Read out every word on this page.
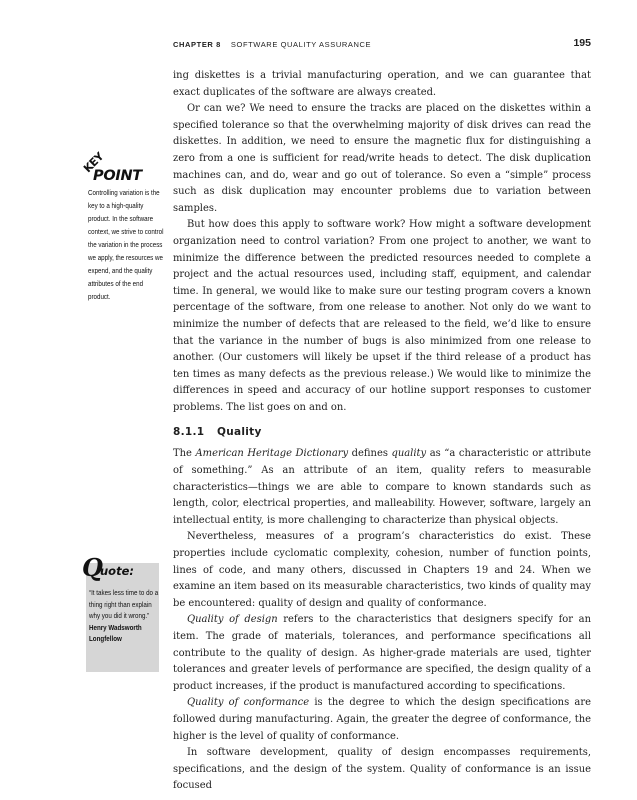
CHAPTER 8 SOFTWARE QUALITY ASSURANCE	195
KEY
POINT
Controlling variation is the key to a high-quality product. In the software context, we strive to control the variation in the process we apply, the resources we expend, and the quality attributes of the end product.
Q
uote:
“It takes less time to do a thing right than explain why you did it wrong.”
Henry Wadsworth Longfellow

ing diskettes is a trivial manufacturing operation, and we can guarantee that exact duplicates of the software are always created.

Or can we? We need to ensure the tracks are placed on the diskettes within a specified tolerance so that the overwhelming majority of disk drives can read the diskettes. In addition, we need to ensure the magnetic flux for distinguishing a zero from a one is sufficient for read/write heads to detect. The disk duplication machines can, and do, wear and go out of tolerance. So even a “simple” process such as disk duplication may encounter problems due to variation between samples.

But how does this apply to software work? How might a software development organization need to control variation? From one project to another, we want to minimize the difference between the predicted resources needed to complete a project and the actual resources used, including staff, equipment, and calendar time. In general, we would like to make sure our testing program covers a known percentage of the software, from one release to another. Not only do we want to minimize the number of defects that are released to the field, we’d like to ensure that the variance in the number of bugs is also minimized from one release to another. (Our customers will likely be upset if the third release of a product has ten times as many defects as the previous release.) We would like to minimize the differences in speed and accuracy of our hotline support responses to customer problems. The list goes on and on.

8.1.1 Quality

The American Heritage Dictionary defines quality as “a characteristic or attribute of something.” As an attribute of an item, quality refers to measurable characteristics—things we are able to compare to known standards such as length, color, electrical properties, and malleability. However, software, largely an intellectual entity, is more challenging to characterize than physical objects.

Nevertheless, measures of a program’s characteristics do exist. These properties include cyclomatic complexity, cohesion, number of function points, lines of code, and many others, discussed in Chapters 19 and 24. When we examine an item based on its measurable characteristics, two kinds of quality may be encountered: quality of design and quality of conformance.

Quality of design refers to the characteristics that designers specify for an item. The grade of materials, tolerances, and performance specifications all contribute to the quality of design. As higher-grade materials are used, tighter tolerances and greater levels of performance are specified, the design quality of a product increases, if the product is manufactured according to specifications.

Quality of conformance is the degree to which the design specifications are followed during manufacturing. Again, the greater the degree of conformance, the higher is the level of quality of conformance.

In software development, quality of design encompasses requirements, specifications, and the design of the system. Quality of conformance is an issue focused
